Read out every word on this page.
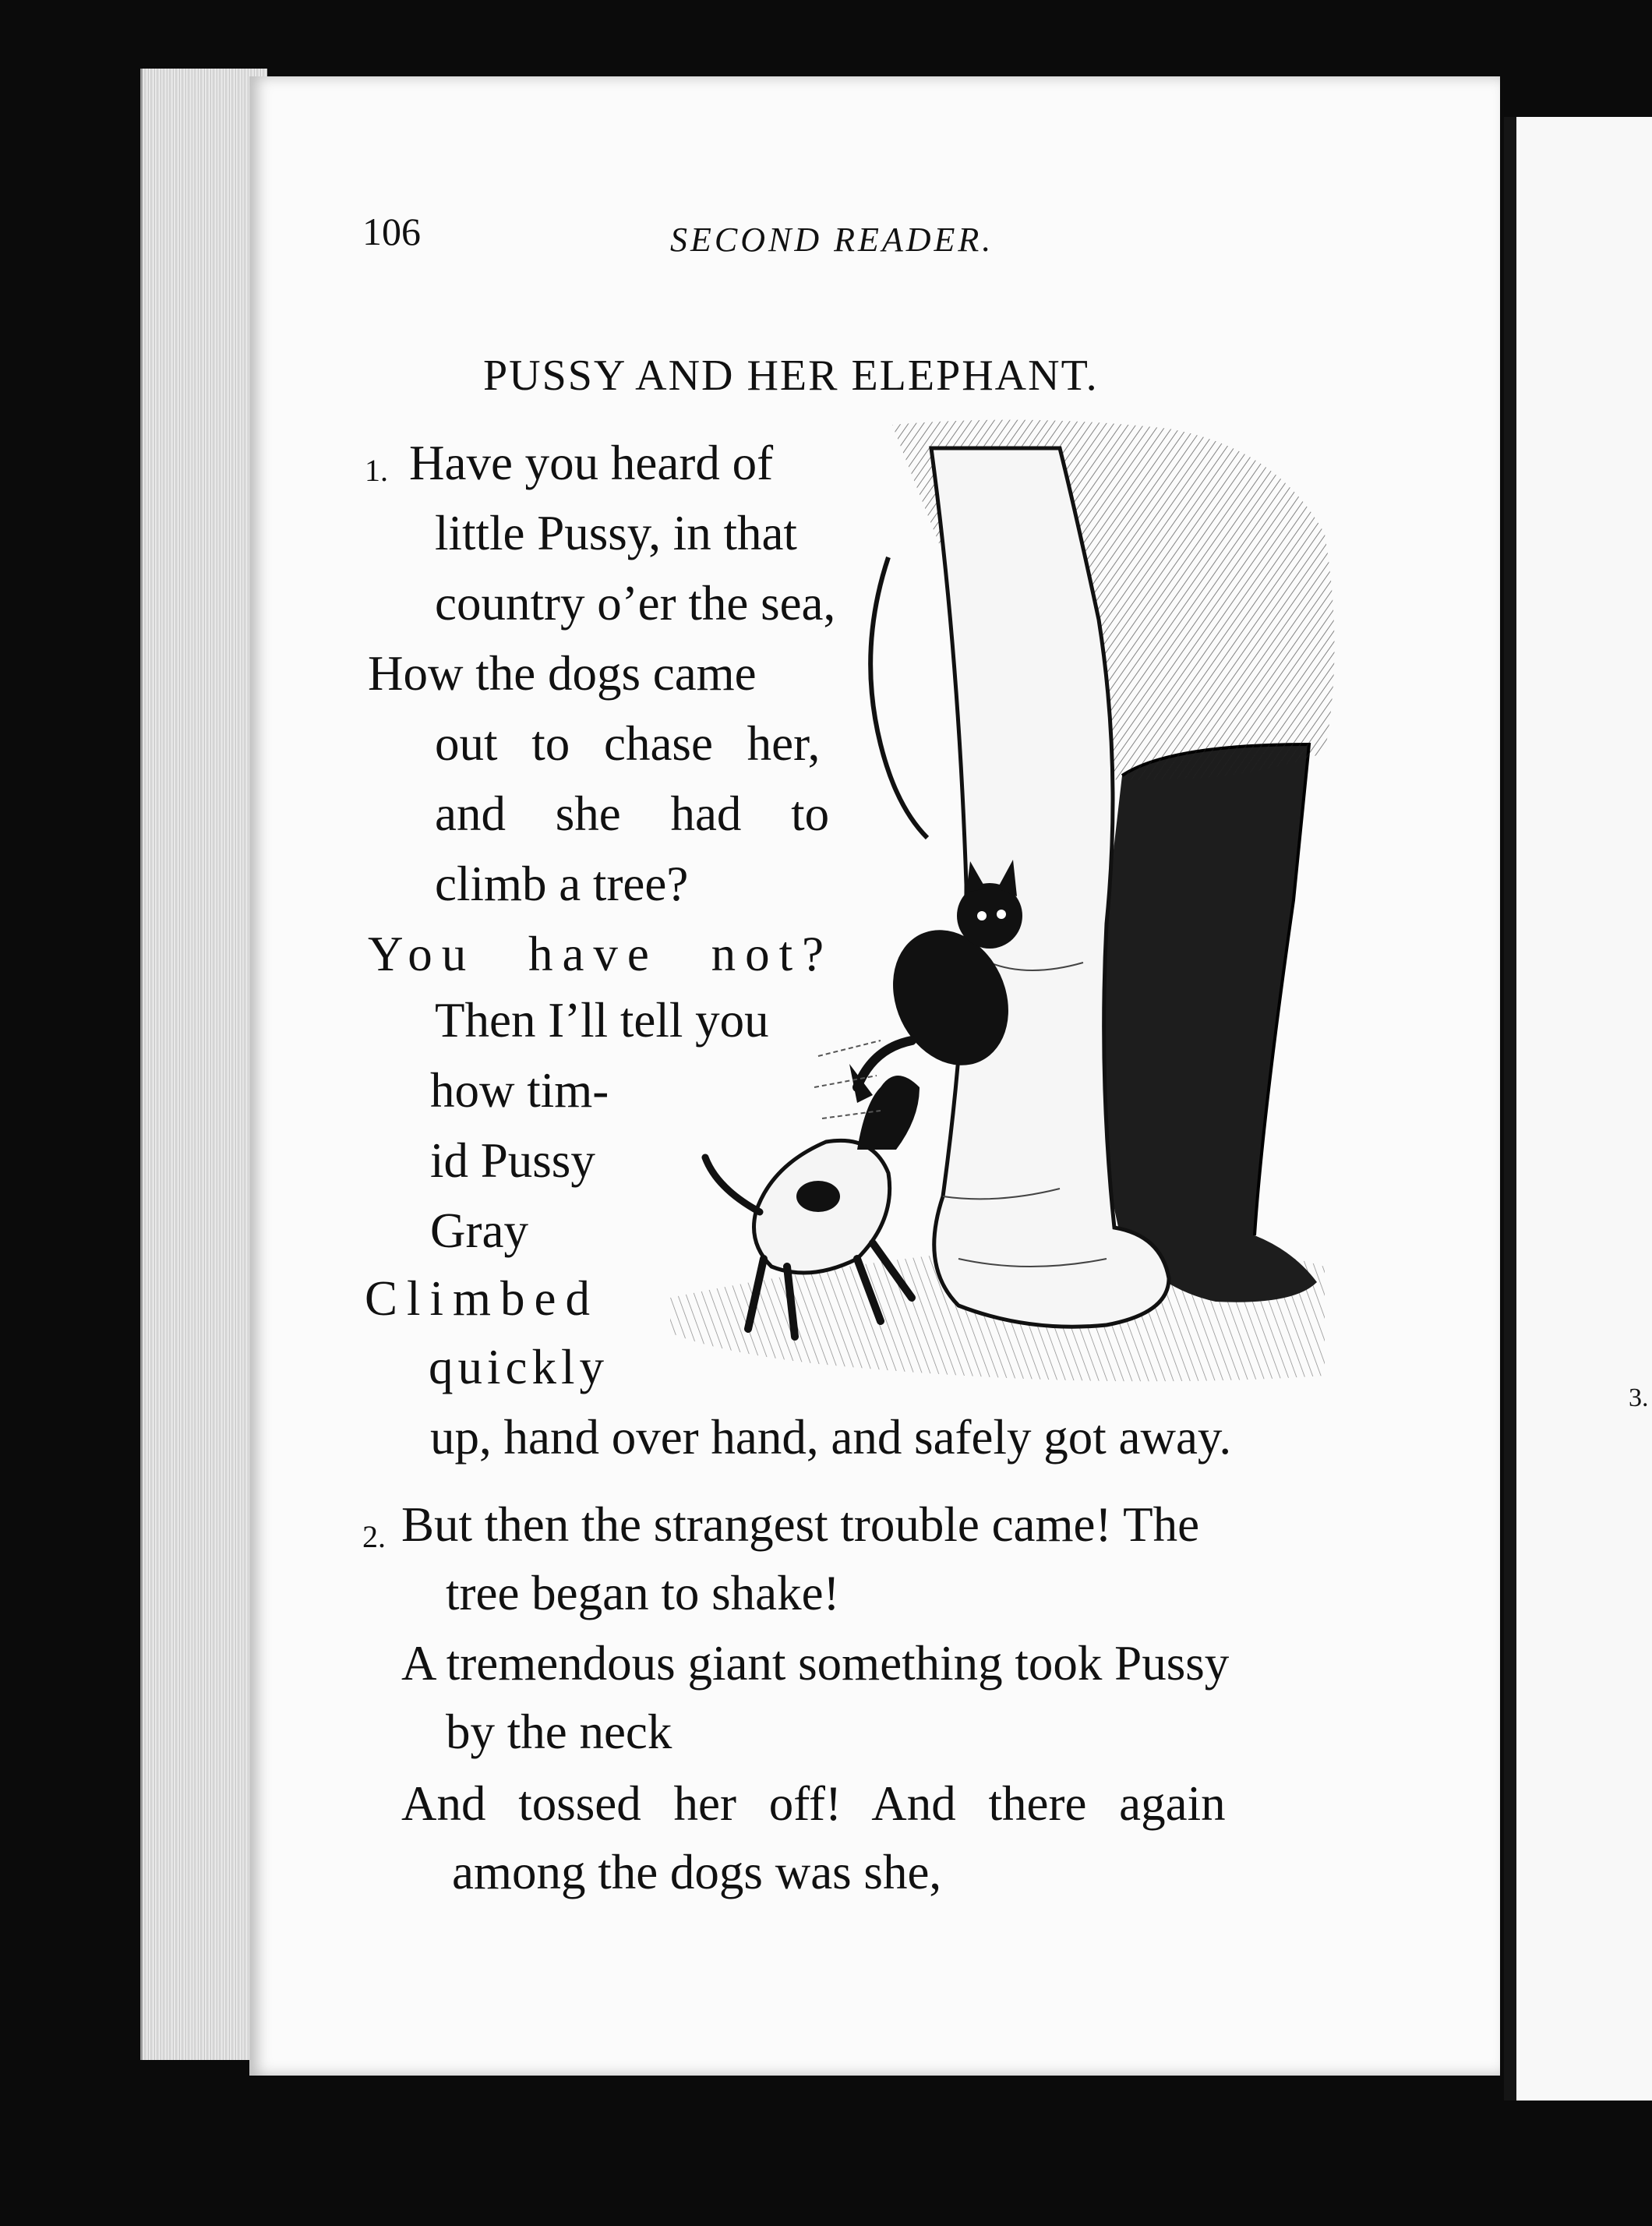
3.
106	SECOND READER.
PUSSY AND HER ELEPHANT.
1. Have you heard of
little Pussy, in that
country o’er the sea,
How the dogs came
out to chase her,
and she had to
climb a tree?
You have not?
Then I’ll tell you
how tim-
id Pussy
Gray
Climbed
quickly
up, hand over hand, and safely got away.
2. But then the strangest trouble came! The
tree began to shake!
A tremendous giant something took Pussy
by the neck
And tossed her off! And there again
among the dogs was she,
